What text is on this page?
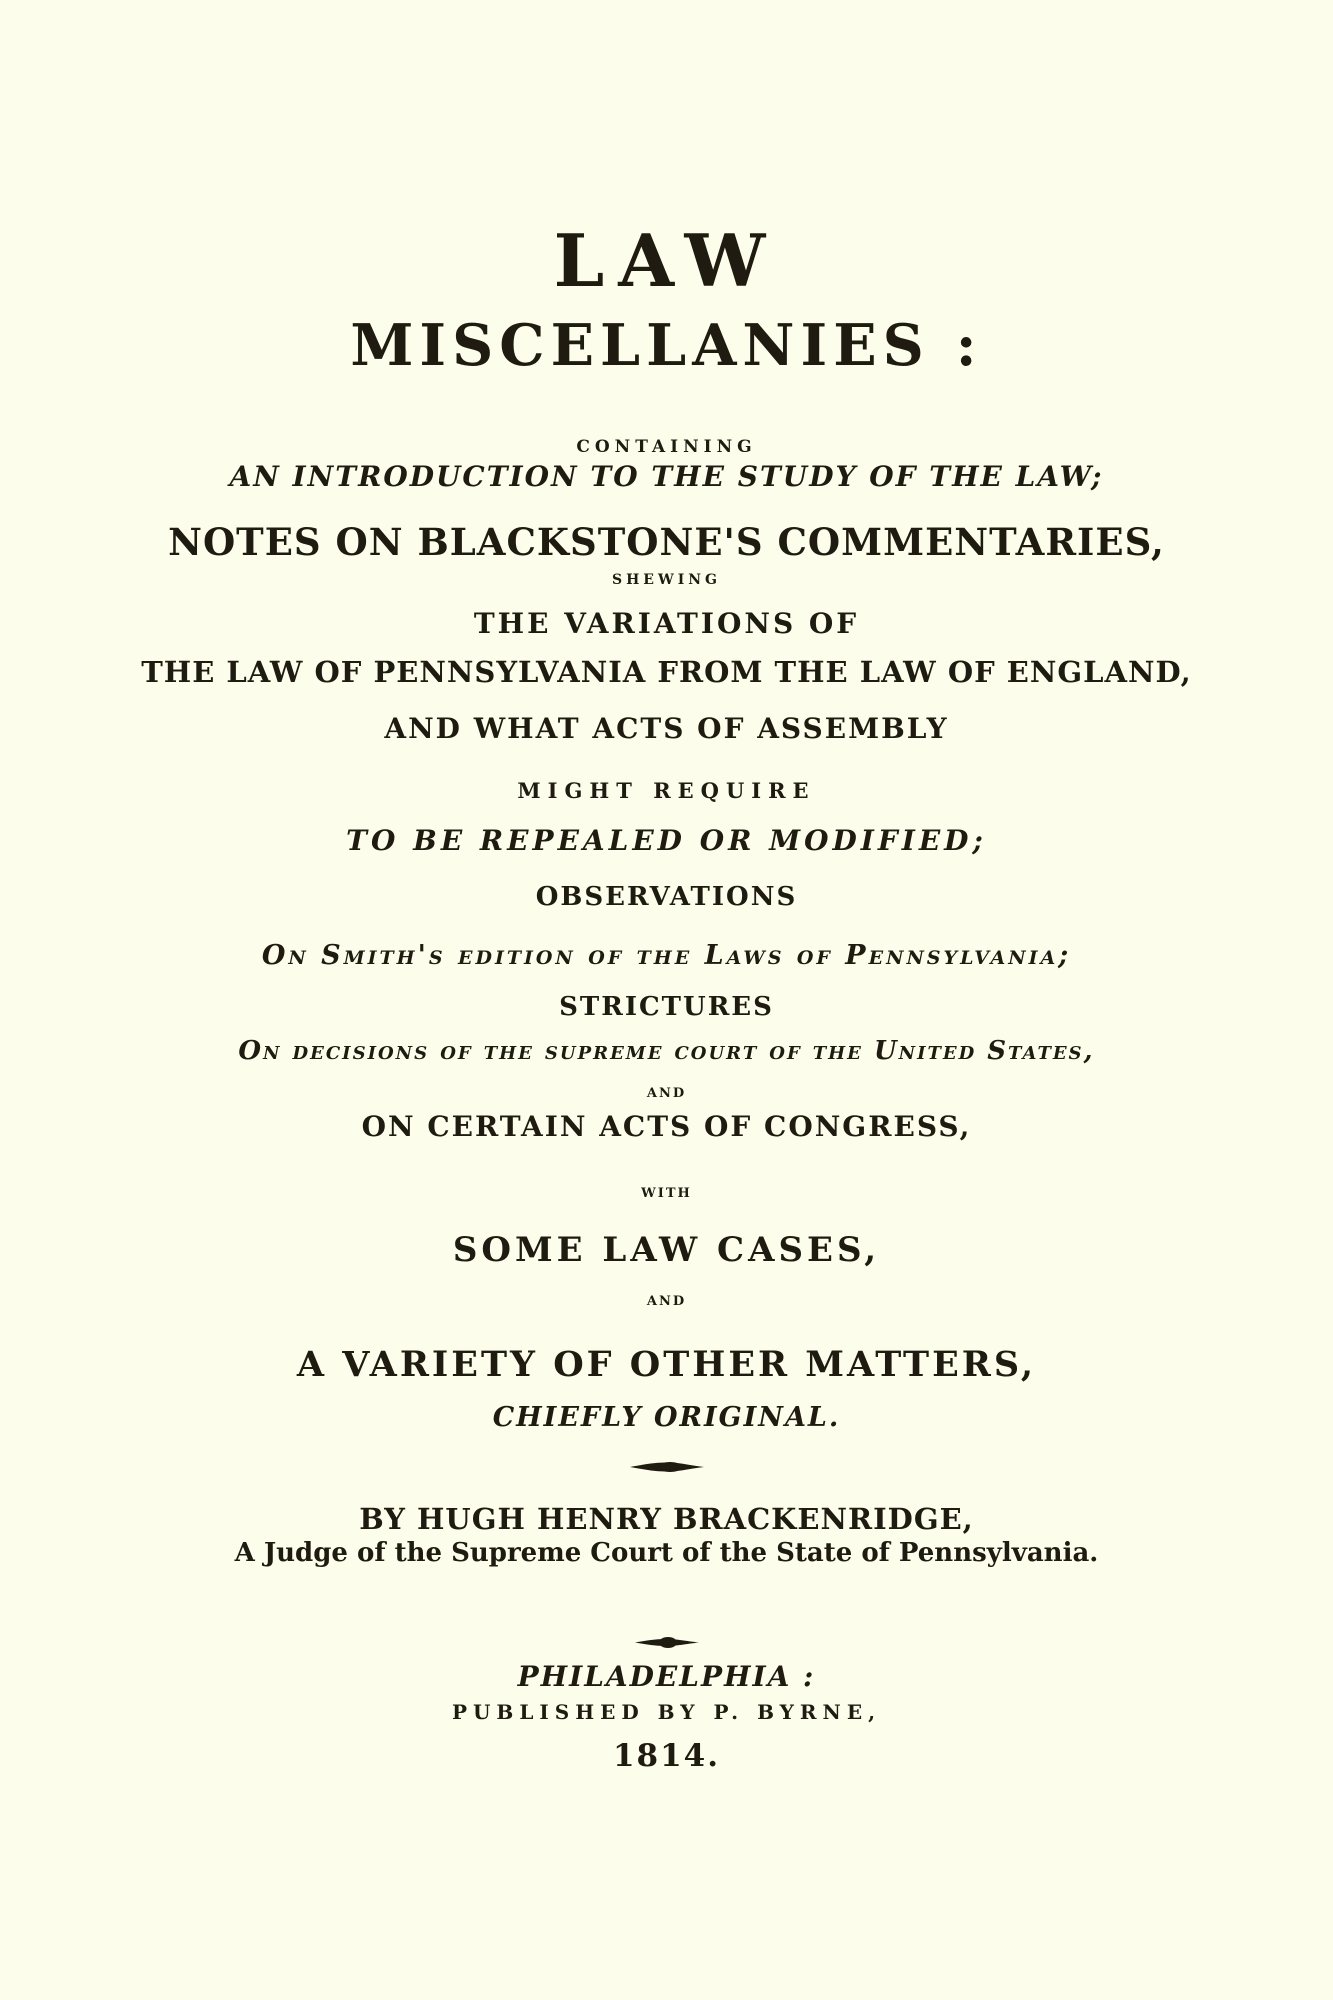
LAW
MISCELLANIES :
CONTAINING
AN INTRODUCTION TO THE STUDY OF THE LAW;
NOTES ON BLACKSTONE'S COMMENTARIES,
SHEWING
THE VARIATIONS OF
THE LAW OF PENNSYLVANIA FROM THE LAW OF ENGLAND,
AND WHAT ACTS OF ASSEMBLY
MIGHT REQUIRE
TO BE REPEALED OR MODIFIED;
OBSERVATIONS
On Smith's edition of the Laws of Pennsylvania;
STRICTURES
On decisions of the supreme court of the United States,
AND
ON CERTAIN ACTS OF CONGRESS,
WITH
SOME LAW CASES,
AND
A VARIETY OF OTHER MATTERS,
CHIEFLY ORIGINAL.
BY HUGH HENRY BRACKENRIDGE,
A Judge of the Supreme Court of the State of Pennsylvania.
PHILADELPHIA :
PUBLISHED BY P. BYRNE,
1814.
